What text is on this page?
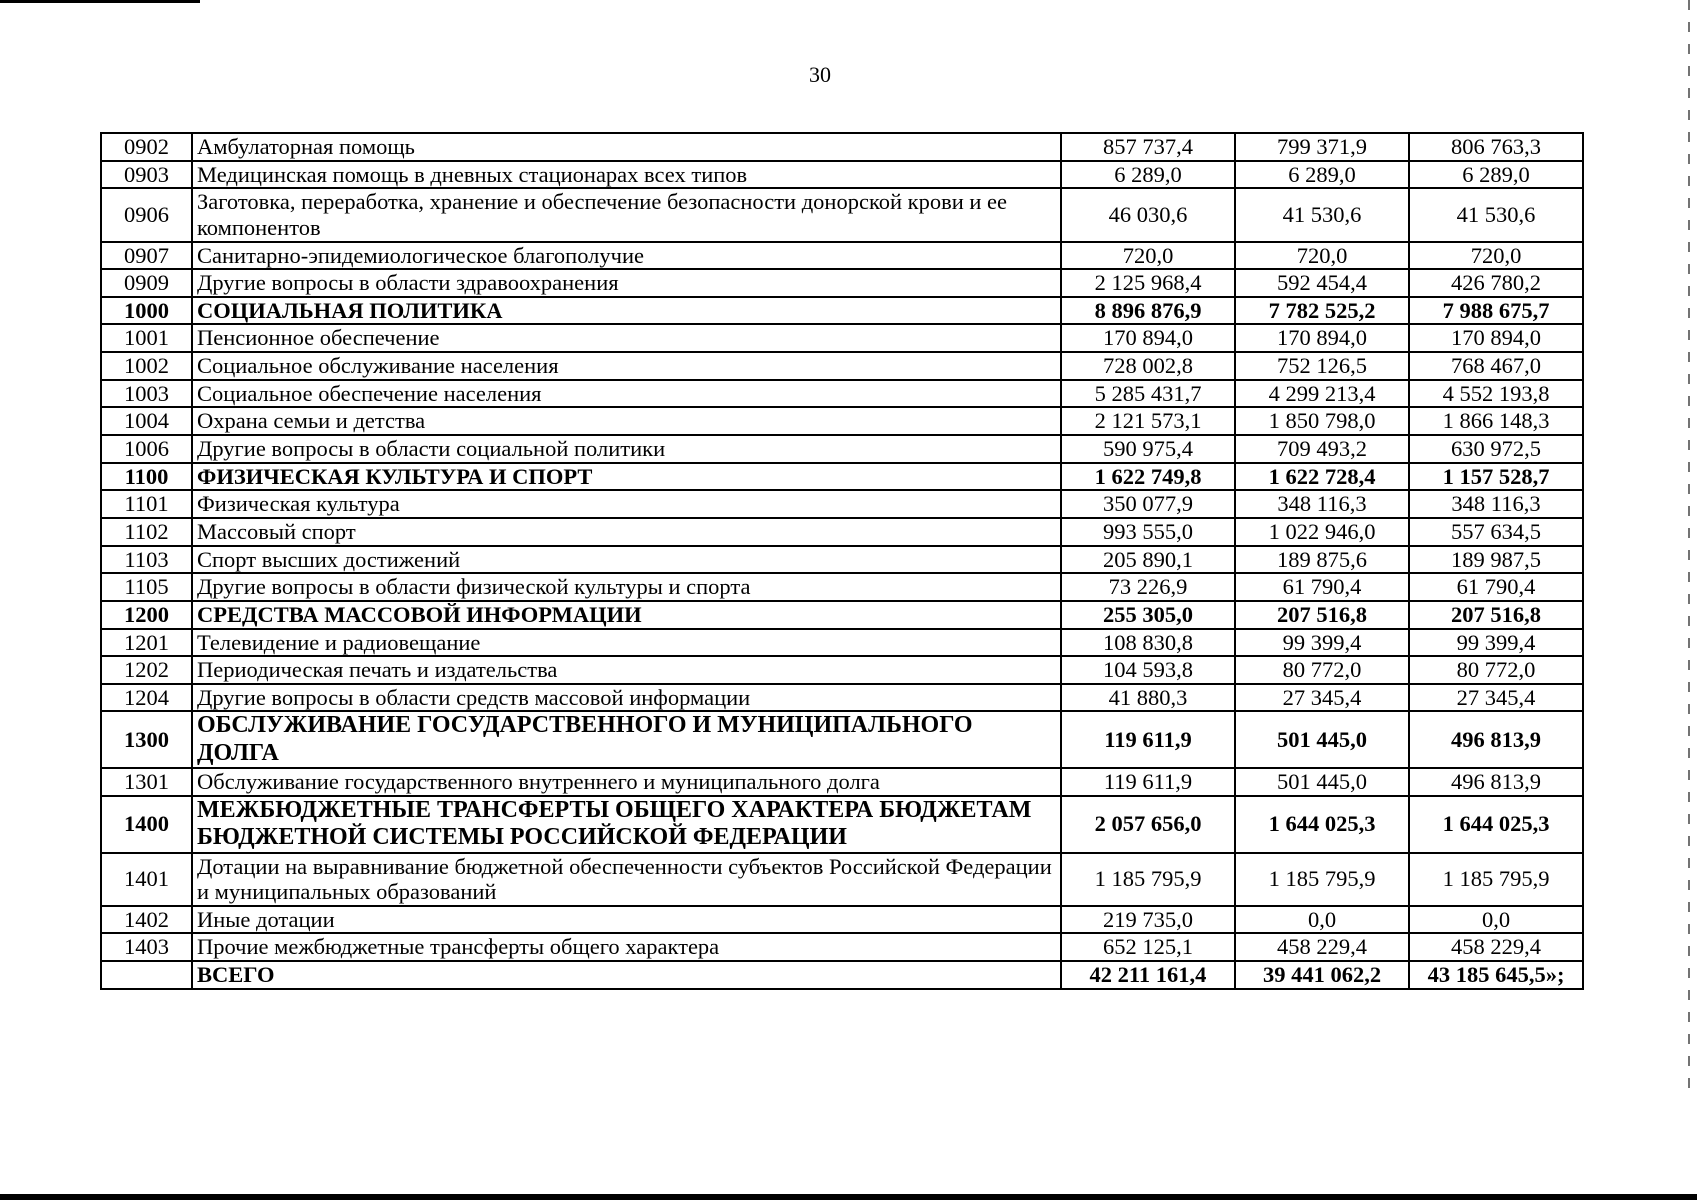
30
0902	Амбулаторная помощь	857 737,4	799 371,9	806 763,3
0903	Медицинская помощь в дневных стационарах всех типов	6 289,0	6 289,0	6 289,0
0906	Заготовка, переработка, хранение и обеспечение безопасности донорской крови и ее компонентов	46 030,6	41 530,6	41 530,6
0907	Санитарно-эпидемиологическое благополучие	720,0	720,0	720,0
0909	Другие вопросы в области здравоохранения	2 125 968,4	592 454,4	426 780,2
1000	СОЦИАЛЬНАЯ ПОЛИТИКА	8 896 876,9	7 782 525,2	7 988 675,7
1001	Пенсионное обеспечение	170 894,0	170 894,0	170 894,0
1002	Социальное обслуживание населения	728 002,8	752 126,5	768 467,0
1003	Социальное обеспечение населения	5 285 431,7	4 299 213,4	4 552 193,8
1004	Охрана семьи и детства	2 121 573,1	1 850 798,0	1 866 148,3
1006	Другие вопросы в области социальной политики	590 975,4	709 493,2	630 972,5
1100	ФИЗИЧЕСКАЯ КУЛЬТУРА И СПОРТ	1 622 749,8	1 622 728,4	1 157 528,7
1101	Физическая культура	350 077,9	348 116,3	348 116,3
1102	Массовый спорт	993 555,0	1 022 946,0	557 634,5
1103	Спорт высших достижений	205 890,1	189 875,6	189 987,5
1105	Другие вопросы в области физической культуры и спорта	73 226,9	61 790,4	61 790,4
1200	СРЕДСТВА МАССОВОЙ ИНФОРМАЦИИ	255 305,0	207 516,8	207 516,8
1201	Телевидение и радиовещание	108 830,8	99 399,4	99 399,4
1202	Периодическая печать и издательства	104 593,8	80 772,0	80 772,0
1204	Другие вопросы в области средств массовой информации	41 880,3	27 345,4	27 345,4
1300	ОБСЛУЖИВАНИЕ ГОСУДАРСТВЕННОГО И МУНИЦИПАЛЬНОГО ДОЛГА	119 611,9	501 445,0	496 813,9
1301	Обслуживание государственного внутреннего и муниципального долга	119 611,9	501 445,0	496 813,9
1400	МЕЖБЮДЖЕТНЫЕ ТРАНСФЕРТЫ ОБЩЕГО ХАРАКТЕРА БЮДЖЕТАМ БЮДЖЕТНОЙ СИСТЕМЫ РОССИЙСКОЙ ФЕДЕРАЦИИ	2 057 656,0	1 644 025,3	1 644 025,3
1401	Дотации на выравнивание бюджетной обеспеченности субъектов Российской Федерации и муниципальных образований	1 185 795,9	1 185 795,9	1 185 795,9
1402	Иные дотации	219 735,0	0,0	0,0
1403	Прочие межбюджетные трансферты общего характера	652 125,1	458 229,4	458 229,4
	ВСЕГО	42 211 161,4	39 441 062,2	43 185 645,5»;
